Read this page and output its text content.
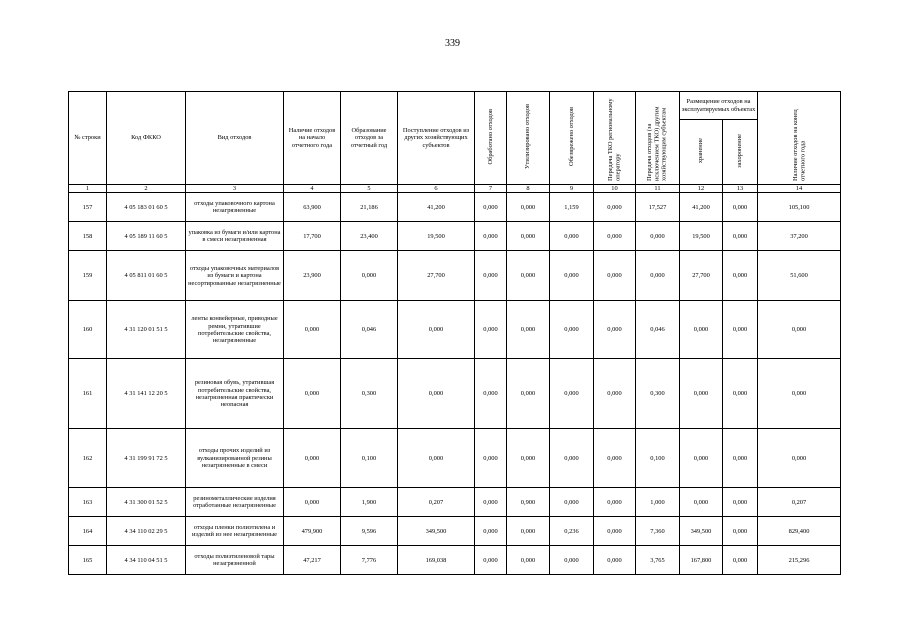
339
№ строки	Код ФККО	Вид отходов	Наличие отходов на начало отчетного года	Образование отходов за отчетный год	Поступление отходов из других хозяйствующих субъектов	Обработано отходов	Утилизировано отходов	Обезврежено отходов	Передача ТКО региональному оператору	Передача отходов (за исключением ТКО) другим хозяйствующим субъектам	Размещение отходов на эксплуатируемых объектах		Наличие отходов на конец отчетного года
											хранение	захоронение	
1	2	3	4	5	6	7	8	9	10	11	12	13	14
157	4 05 183 01 60 5	отходы упаковочного картона незагрязненные	63,900	21,186	41,200	0,000	0,000	1,159	0,000	17,527	41,200	0,000	105,100
158	4 05 189 11 60 5	упаковка из бумаги и/или картона в смеси незагрязненная	17,700	23,400	19,500	0,000	0,000	0,000	0,000	0,000	19,500	0,000	37,200
159	4 05 811 01 60 5	отходы упаковочных материалов из бумаги и картона несортированные незагрязненные	23,900	0,000	27,700	0,000	0,000	0,000	0,000	0,000	27,700	0,000	51,600
160	4 31 120 01 51 5	ленты конвейерные, приводные ремни, утратившие потребительские свойства, незагрязненные	0,000	0,046	0,000	0,000	0,000	0,000	0,000	0,046	0,000	0,000	0,000
161	4 31 141 12 20 5	резиновая обувь, утратившая потребительские свойства, незагрязненная практически неопасная	0,000	0,300	0,000	0,000	0,000	0,000	0,000	0,300	0,000	0,000	0,000
162	4 31 199 91 72 5	отходы прочих изделий из вулканизированной резины незагрязненные в смеси	0,000	0,100	0,000	0,000	0,000	0,000	0,000	0,100	0,000	0,000	0,000
163	4 31 300 01 52 5	резинометаллические изделия отработанные незагрязненные	0,000	1,900	0,207	0,000	0,900	0,000	0,000	1,000	0,000	0,000	0,207
164	4 34 110 02 29 5	отходы пленки полиэтилена и изделий из нее незагрязненные	479,900	9,596	349,500	0,000	0,000	0,236	0,000	7,360	349,500	0,000	829,400
165	4 34 110 04 51 5	отходы полиэтиленовой тары незагрязненной	47,217	7,776	169,038	0,000	0,000	0,000	0,000	3,765	167,800	0,000	215,296
